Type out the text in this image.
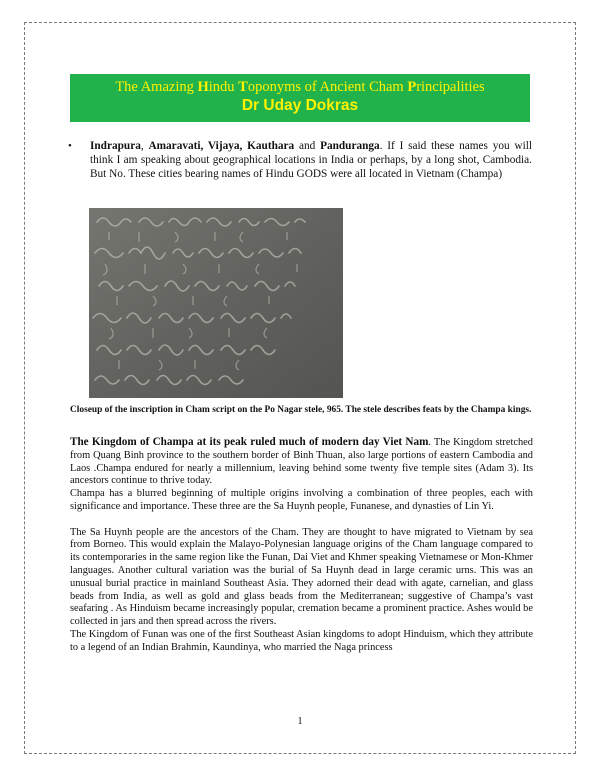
The Amazing Hindu Toponyms of Ancient Cham Principalities
Dr Uday Dokras
• Indrapura, Amaravati, Vijaya, Kauthara and Panduranga. If I said these names you will think I am speaking about geographical locations in India or perhaps, by a long shot, Cambodia. But No. These cities bearing names of Hindu GODS were all located in Vietnam (Champa)
Closeup of the inscription in Cham script on the Po Nagar stele, 965. The stele describes feats by the Champa kings.

The Kingdom of Champa at its peak ruled much of modern day Viet Nam. The Kingdom stretched from Quang Binh province to the southern border of Binh Thuan, also large portions of eastern Cambodia and Laos .Champa endured for nearly a millennium, leaving behind some twenty five temple sites (Adam 3). Its ancestors continue to thrive today.

Champa has a blurred beginning of multiple origins involving a combination of three peoples, each with significance and importance. These three are the Sa Huynh people, Funanese, and dynasties of Lin Yi.

The Sa Huynh people are the ancestors of the Cham. They are thought to have migrated to Vietnam by sea from Borneo. This would explain the Malayo-Polynesian language origins of the Cham language compared to its contemporaries in the same region like the Funan, Dai Viet and Khmer speaking Vietnamese or Mon-Khmer languages. Another cultural variation was the burial of Sa Huynh dead in large ceramic urns. This was an unusual burial practice in mainland Southeast Asia. They adorned their dead with agate, carnelian, and glass beads from India, as well as gold and glass beads from the Mediterranean; suggestive of Champa’s vast seafaring . As Hinduism became increasingly popular, cremation became a prominent practice. Ashes would be collected in jars and then spread across the rivers.

The Kingdom of Funan was one of the first Southeast Asian kingdoms to adopt Hinduism, which they attribute to a legend of an Indian Brahmin, Kaundinya, who married the Naga princess

1
